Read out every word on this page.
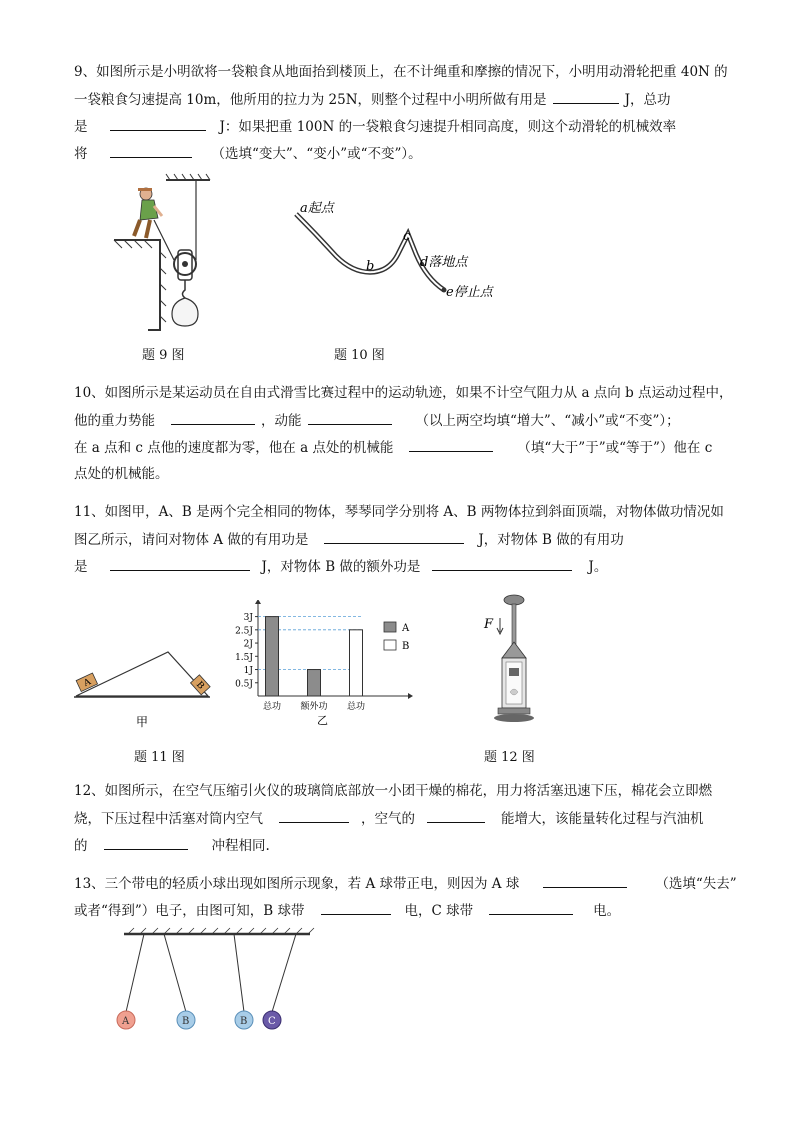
9、如图所示是小明欲将一袋粮食从地面抬到楼顶上，在不计绳重和摩擦的情况下，小明用动滑轮把重 40N 的
一袋粮食匀速提高 10m，他所用的拉力为 25N，则整个过程中小明所做有用是	J，总功
是	J：如果把重 100N 的一袋粮食匀速提升相同高度，则这个动滑轮的机械效率
将	（选填“变大”、“变小”或“不变”）。
题 9 图
a起点
b
c
d落地点
e停止点
题 10 图
10、如图所示是某运动员在自由式滑雪比赛过程中的运动轨迹，如果不计空气阻力从 a 点向 b 点运动过程中，
他的重力势能	，动能	（以上两空均填“增大”、“减小”或“不变”）；
在 a 点和 c 点他的速度都为零，他在 a 点处的机械能	（填“大于”于”或“等于”）他在 c
点处的机械能。
11、如图甲，A、B 是两个完全相同的物体，琴琴同学分别将 A、B 两物体拉到斜面顶端，对物体做功情况如
图乙所示，请问对物体 A 做的有用功是	J，对物体 B 做的有用功
是	J，对物体 B 做的额外功是	J。
A	B
甲
0.5J
1J
1.5J
2J
2.5J
3J
总功 额外功 总功
乙
A
B
题 11 图
F
题 12 图
12、如图所示，在空气压缩引火仪的玻璃筒底部放一小团干燥的棉花，用力将活塞迅速下压，棉花会立即燃
烧，下压过程中活塞对筒内空气	，空气的	能增大，该能量转化过程与汽油机
的	冲程相同.
13、三个带电的轻质小球出现如图所示现象，若 A 球带正电，则因为 A 球	（选填“失去”
或者“得到”）电子，由图可知，B 球带	电，C 球带	电。
A	B	B C
